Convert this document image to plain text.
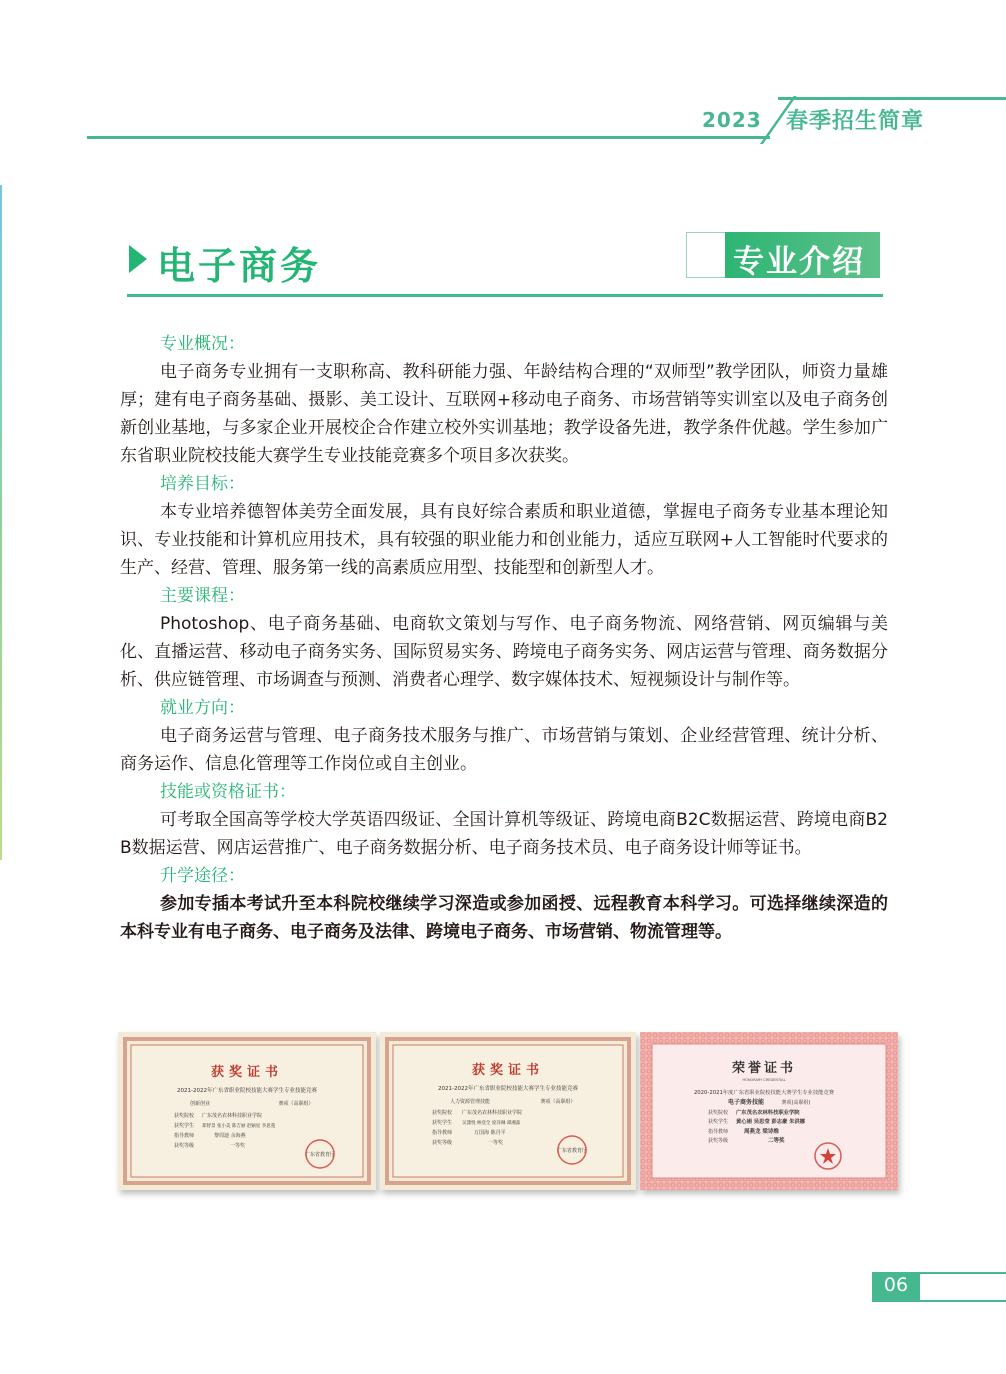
2023 春季招生简章
电子商务	专业介绍
专业概况：

电子商务专业拥有一支职称高、教科研能力强、年龄结构合理的“双师型”教学团队，师资力量雄厚；建有电子商务基础、摄影、美工设计、互联网+移动电子商务、市场营销等实训室以及电子商务创新创业基地，与多家企业开展校企合作建立校外实训基地；教学设备先进，教学条件优越。学生参加广东省职业院校技能大赛学生专业技能竞赛多个项目多次获奖。

培养目标：

本专业培养德智体美劳全面发展，具有良好综合素质和职业道德，掌握电子商务专业基本理论知识、专业技能和计算机应用技术，具有较强的职业能力和创业能力，适应互联网+人工智能时代要求的生产、经营、管理、服务第一线的高素质应用型、技能型和创新型人才。

主要课程：

Photoshop、电子商务基础、电商软文策划与写作、电子商务物流、网络营销、网页编辑与美化、直播运营、移动电子商务实务、国际贸易实务、跨境电子商务实务、网店运营与管理、商务数据分析、供应链管理、市场调查与预测、消费者心理学、数字媒体技术、短视频设计与制作等。

就业方向：

电子商务运营与管理、电子商务技术服务与推广、市场营销与策划、企业经营管理、统计分析、商务运作、信息化管理等工作岗位或自主创业。

技能或资格证书：

可考取全国高等学校大学英语四级证、全国计算机等级证、跨境电商B2C数据运营、跨境电商B2B数据运营、网店运营推广、电子商务数据分析、电子商务技术员、电子商务设计师等证书。

升学途径：

参加专插本考试升至本科院校继续学习深造或参加函授、远程教育本科学习。可选择继续深造的本科专业有电子商务、电子商务及法律、跨境电子商务、市场营销、物流管理等。

获奖证书
2021-2022年广东省职业院校技能大赛学生专业技能竞赛
创新创业	赛项（高职组）
获奖院校 广东茂名农林科技职业学院
获奖学生 郑智景 张小美 陈吉丽 赵颖星 李思蔓
指导教师	黎周迪 余海燕
获奖等级	一等奖
广东省教育厅
获奖证书
2021-2022年广东省职业院校技能大赛学生专业技能竞赛
人力资源管理技能	赛项（高职组）
获奖院校 广东茂名农林科技职业学院
获奖学生 吴潇悦 林登全 庞泽琳 谭湘淼
指导教师	万国海 陈丹平
获奖等级	一等奖
广东省教育厅
荣誉证书
HONORARY CREDENTIAL
2020-2021年度广东省职业院校技能大赛学生专业技能竞赛
电子商务技能	赛项(高职组)
获奖院校 广东茂名农林科技职业学院
获奖学生 黄心娟 吴思莹 彭志豪 朱洪娜
指导教师	周燕龙 梁诗维
获奖等级	二等奖
06
